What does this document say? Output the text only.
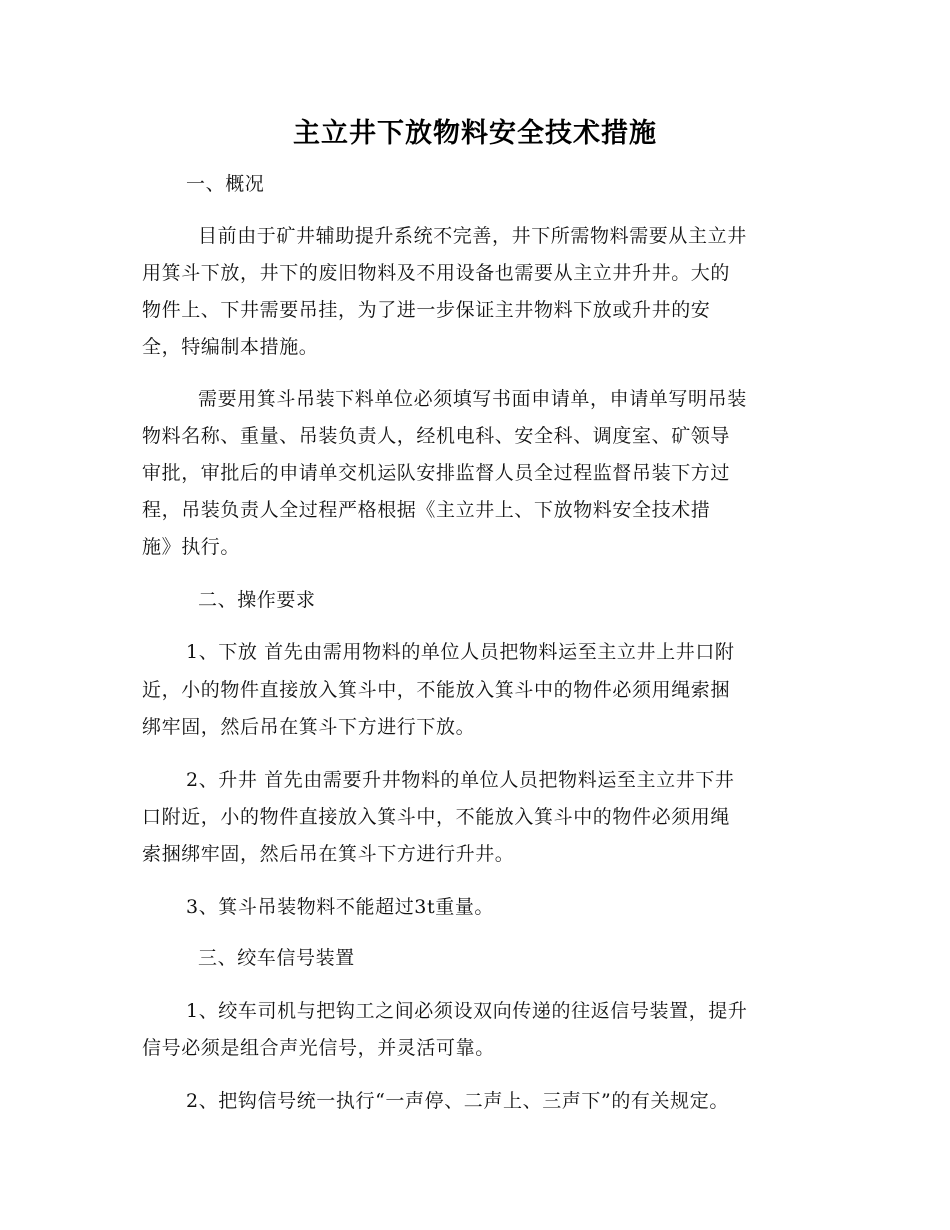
主立井下放物料安全技术措施
一、概况
目前由于矿井辅助提升系统不完善，井下所需物料需要从主立井
用箕斗下放，井下的废旧物料及不用设备也需要从主立井升井。大的
物件上、下井需要吊挂，为了进一步保证主井物料下放或升井的安
全，特编制本措施。
需要用箕斗吊装下料单位必须填写书面申请单，申请单写明吊装
物料名称、重量、吊装负责人，经机电科、安全科、调度室、矿领导
审批，审批后的申请单交机运队安排监督人员全过程监督吊装下方过
程，吊装负责人全过程严格根据《主立井上、下放物料安全技术措
施》执行。
二、操作要求
1、下放 首先由需用物料的单位人员把物料运至主立井上井口附
近，小的物件直接放入箕斗中，不能放入箕斗中的物件必须用绳索捆
绑牢固，然后吊在箕斗下方进行下放。
2、升井 首先由需要升井物料的单位人员把物料运至主立井下井
口附近，小的物件直接放入箕斗中，不能放入箕斗中的物件必须用绳
索捆绑牢固，然后吊在箕斗下方进行升井。
3、箕斗吊装物料不能超过3t重量。
三、绞车信号装置
1、绞车司机与把钩工之间必须设双向传递的往返信号装置，提升
信号必须是组合声光信号，并灵活可靠。
2、把钩信号统一执行“一声停、二声上、三声下”的有关规定。
